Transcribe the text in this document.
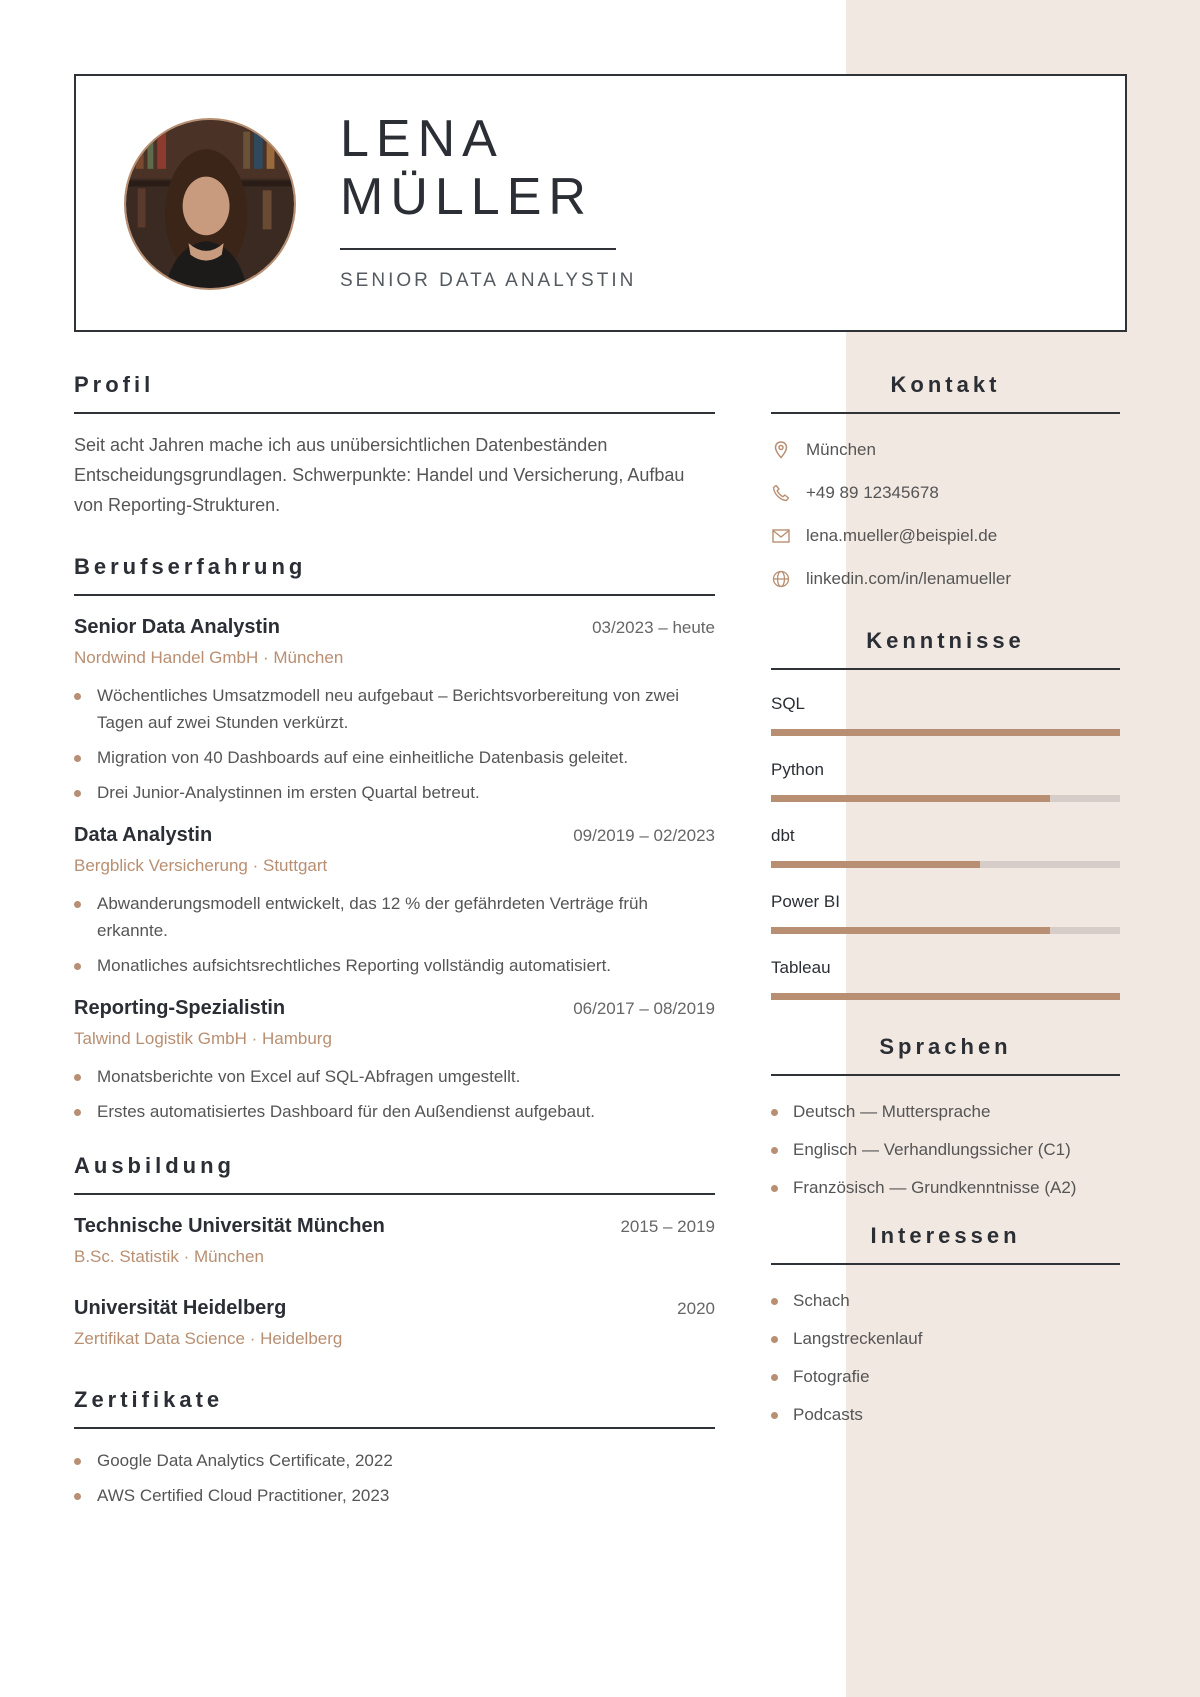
LENA
MÜLLER
SENIOR DATA ANALYSTIN
Profil

Seit acht Jahren mache ich aus unübersichtlichen Datenbeständen Entscheidungsgrundlagen. Schwerpunkte: Handel und Versicherung, Aufbau von Reporting-Strukturen.

Berufserfahrung
Senior Data Analystin	03/2023 – heute
Nordwind Handel GmbH · München
Wöchentliches Umsatzmodell neu aufgebaut – Berichtsvorbereitung von zwei Tagen auf zwei Stunden verkürzt.
Migration von 40 Dashboards auf eine einheitliche Datenbasis geleitet.
Drei Junior-Analystinnen im ersten Quartal betreut.
Data Analystin	09/2019 – 02/2023
Bergblick Versicherung · Stuttgart
Abwanderungsmodell entwickelt, das 12 % der gefährdeten Verträge früh erkannte.
Monatliches aufsichtsrechtliches Reporting vollständig automatisiert.
Reporting-Spezialistin	06/2017 – 08/2019
Talwind Logistik GmbH · Hamburg
Monatsberichte von Excel auf SQL-Abfragen umgestellt.
Erstes automatisiertes Dashboard für den Außendienst aufgebaut.
Ausbildung
Technische Universität München	2015 – 2019
B.Sc. Statistik · München
Universität Heidelberg	2020
Zertifikat Data Science · Heidelberg
Zertifikate
Google Data Analytics Certificate, 2022
AWS Certified Cloud Practitioner, 2023
Kontakt
München
+49 89 12345678
lena.mueller@beispiel.de
linkedin.com/in/lenamueller
Kenntnisse
SQL
Python
dbt
Power BI
Tableau
Sprachen
Deutsch — Muttersprache
Englisch — Verhandlungssicher (C1)
Französisch — Grundkenntnisse (A2)
Interessen
Schach
Langstreckenlauf
Fotografie
Podcasts
